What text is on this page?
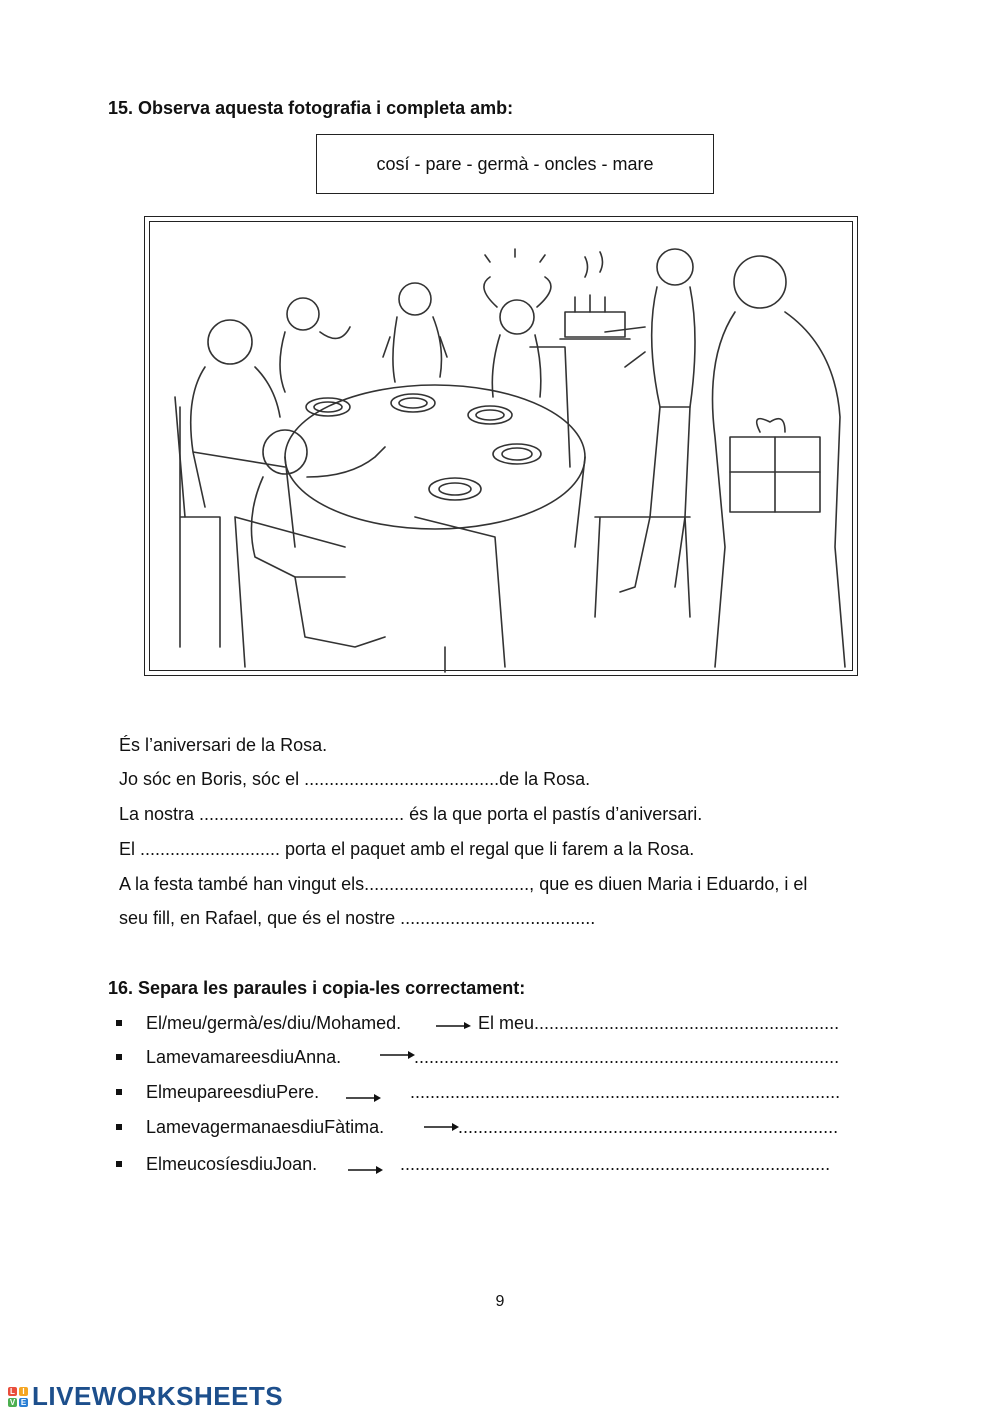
15. Observa aquesta fotografia i completa amb:
cosí - pare - germà - oncles - mare
És l’aniversari de la Rosa.
Jo sóc en Boris, sóc el .......................................de la Rosa.
La nostra ......................................... és la que porta el pastís d’aniversari.
El ............................ porta el paquet amb el regal que li farem a la Rosa.
A la festa també han vingut els................................., que es diuen Maria i Eduardo, i el
seu fill, en Rafael, que és el nostre .......................................
16. Separa les paraules i copia-les correctament:
El/meu/germà/es/diu/Mohamed.	El meu.............................................................
LamevamareesdiuAnna.	.....................................................................................
ElmeupareesdiuPere.	......................................................................................
LamevagermanaesdiuFàtima.	............................................................................
ElmeucosíesdiuJoan.	......................................................................................
9
L I
V E LIVEWORKSHEETS
